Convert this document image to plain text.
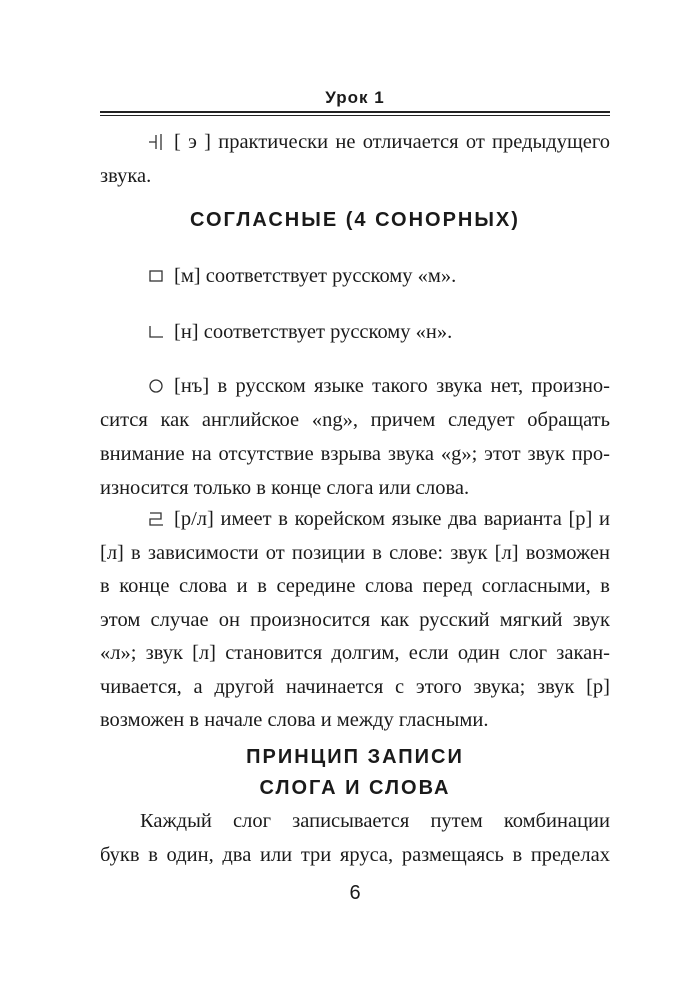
Урок 1
[ э ] практически не отличается от предыдущего
звука.
СОГЛАСНЫЕ (4 СОНОРНЫХ)
[м] соответствует русскому «м».
[н] соответствует русскому «н».
[нъ] в русском языке такого звука нет, произно-
сится как английское «ng», причем следует обращать
внимание на отсутствие взрыва звука «g»; этот звук про-
износится только в конце слога или слова.
[р/л] имеет в корейском языке два варианта [р] и
[л] в зависимости от позиции в слове: звук [л] возможен
в конце слова и в середине слова перед согласными, в
этом случае он произносится как русский мягкий звук
«л»; звук [л] становится долгим, если один слог закан-
чивается, а другой начинается с этого звука; звук [р]
возможен в начале слова и между гласными.
ПРИНЦИП ЗАПИСИ
СЛОГА И СЛОВА
Каждый слог записывается путем комбинации
букв в один, два или три яруса, размещаясь в пределах
6
